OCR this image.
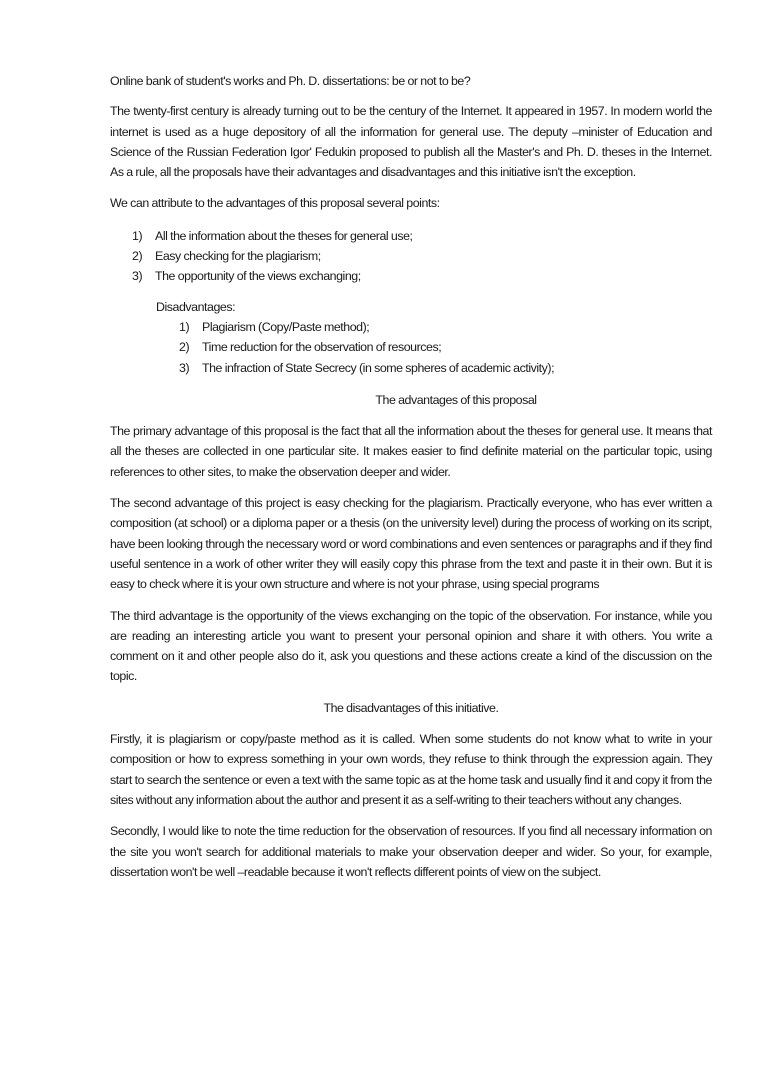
Online bank of student's works and Ph. D. dissertations: be or not to be?

The twenty-first century is already turning out to be the century of the Internet. It appeared in 1957. In modern world the internet is used as a huge depository of all the information for general use. The deputy –minister of Education and Science of the Russian Federation Igor' Fedukin proposed to publish all the Master's and Ph. D. theses in the Internet. As a rule, all the proposals have their advantages and disadvantages and this initiative isn't the exception.

We can attribute to the advantages of this proposal several points:

1) All the information about the theses for general use;
2) Easy checking for the plagiarism;
3) The opportunity of the views exchanging;

Disadvantages:

1) Plagiarism (Copy/Paste method);
2) Time reduction for the observation of resources;
3) The infraction of State Secrecy (in some spheres of academic activity);

The advantages of this proposal

The primary advantage of this proposal is the fact that all the information about the theses for general use. It means that all the theses are collected in one particular site. It makes easier to find definite material on the particular topic, using references to other sites, to make the observation deeper and wider.

The second advantage of this project is easy checking for the plagiarism. Practically everyone, who has ever written a composition (at school) or a diploma paper or a thesis (on the university level) during the process of working on its script, have been looking through the necessary word or word combinations and even sentences or paragraphs and if they find useful sentence in a work of other writer they will easily copy this phrase from the text and paste it in their own. But it is easy to check where it is your own structure and where is not your phrase, using special programs

The third advantage is the opportunity of the views exchanging on the topic of the observation. For instance, while you are reading an interesting article you want to present your personal opinion and share it with others. You write a comment on it and other people also do it, ask you questions and these actions create a kind of the discussion on the topic.

The disadvantages of this initiative.

Firstly, it is plagiarism or copy/paste method as it is called. When some students do not know what to write in your composition or how to express something in your own words, they refuse to think through the expression again. They start to search the sentence or even a text with the same topic as at the home task and usually find it and copy it from the sites without any information about the author and present it as a self-writing to their teachers without any changes.

Secondly, I would like to note the time reduction for the observation of resources. If you find all necessary information on the site you won't search for additional materials to make your observation deeper and wider. So your, for example, dissertation won't be well –readable because it won't reflects different points of view on the subject.
